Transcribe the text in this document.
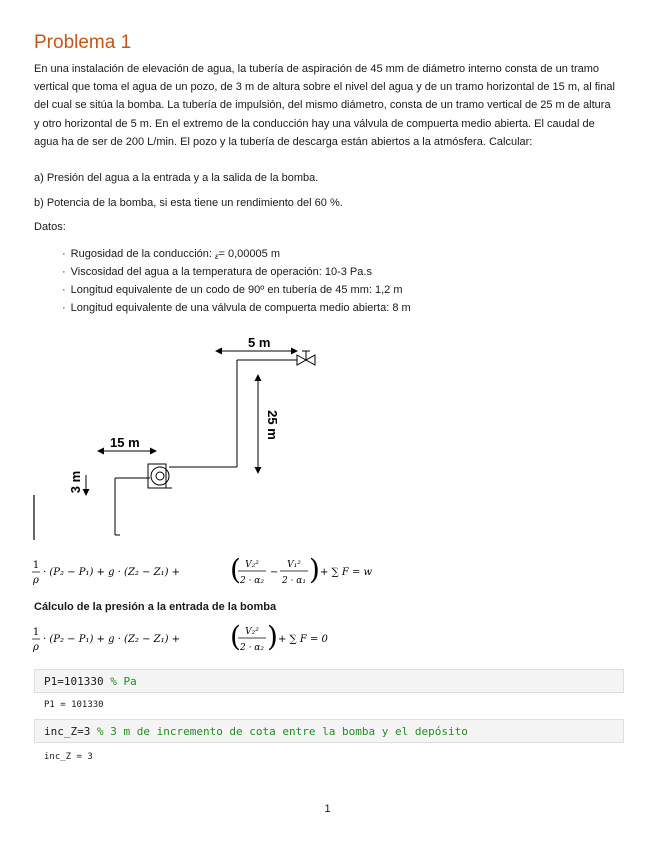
Problema 1

En una instalación de elevación de agua, la tubería de aspiración de 45 mm de diámetro interno consta de un tramo vertical que toma el agua de un pozo, de 3 m de altura sobre el nivel del agua y de un tramo horizontal de 15 m, al final del cual se sitúa la bomba. La tubería de impulsión, del mismo diámetro, consta de un tramo vertical de 25 m de altura y otro horizontal de 5 m. En el extremo de la conducción hay una válvula de compuerta medio abierta. El caudal de agua ha de ser de 200 L/min. El pozo y la tubería de descarga están abiertos a la atmósfera. Calcular:

a) Presión del agua a la entrada y a la salida de la bomba.

b) Potencia de la bomba, si esta tiene un rendimiento del 60 %.

Datos:

· Rugosidad de la conducción: ε= 0,00005 m
· Viscosidad del agua a la temperatura de operación: 10-3 Pa.s
· Longitud equivalente de un codo de 90º en tubería de 45 mm: 1,2 m
· Longitud equivalente de una válvula de compuerta medio abierta: 8 m
3 m
15 m
5 m
25 m
1
ρ
· (P₂ − P₁) + g · (Z₂ − Z₁) + ( V₂²
2 · α₂
−
V₁²
2 · α₁ ) + ∑ F = w

Cálculo de la presión a la entrada de la bomba

1
ρ
· (P₂ − P₁) + g · (Z₂ − Z₁) + ( V₂²
2 · α₂ ) + ∑ F = 0
P1=101330 % Pa
P1 = 101330
inc_Z=3 % 3 m de incremento de cota entre la bomba y el depósito
inc_Z = 3
1
